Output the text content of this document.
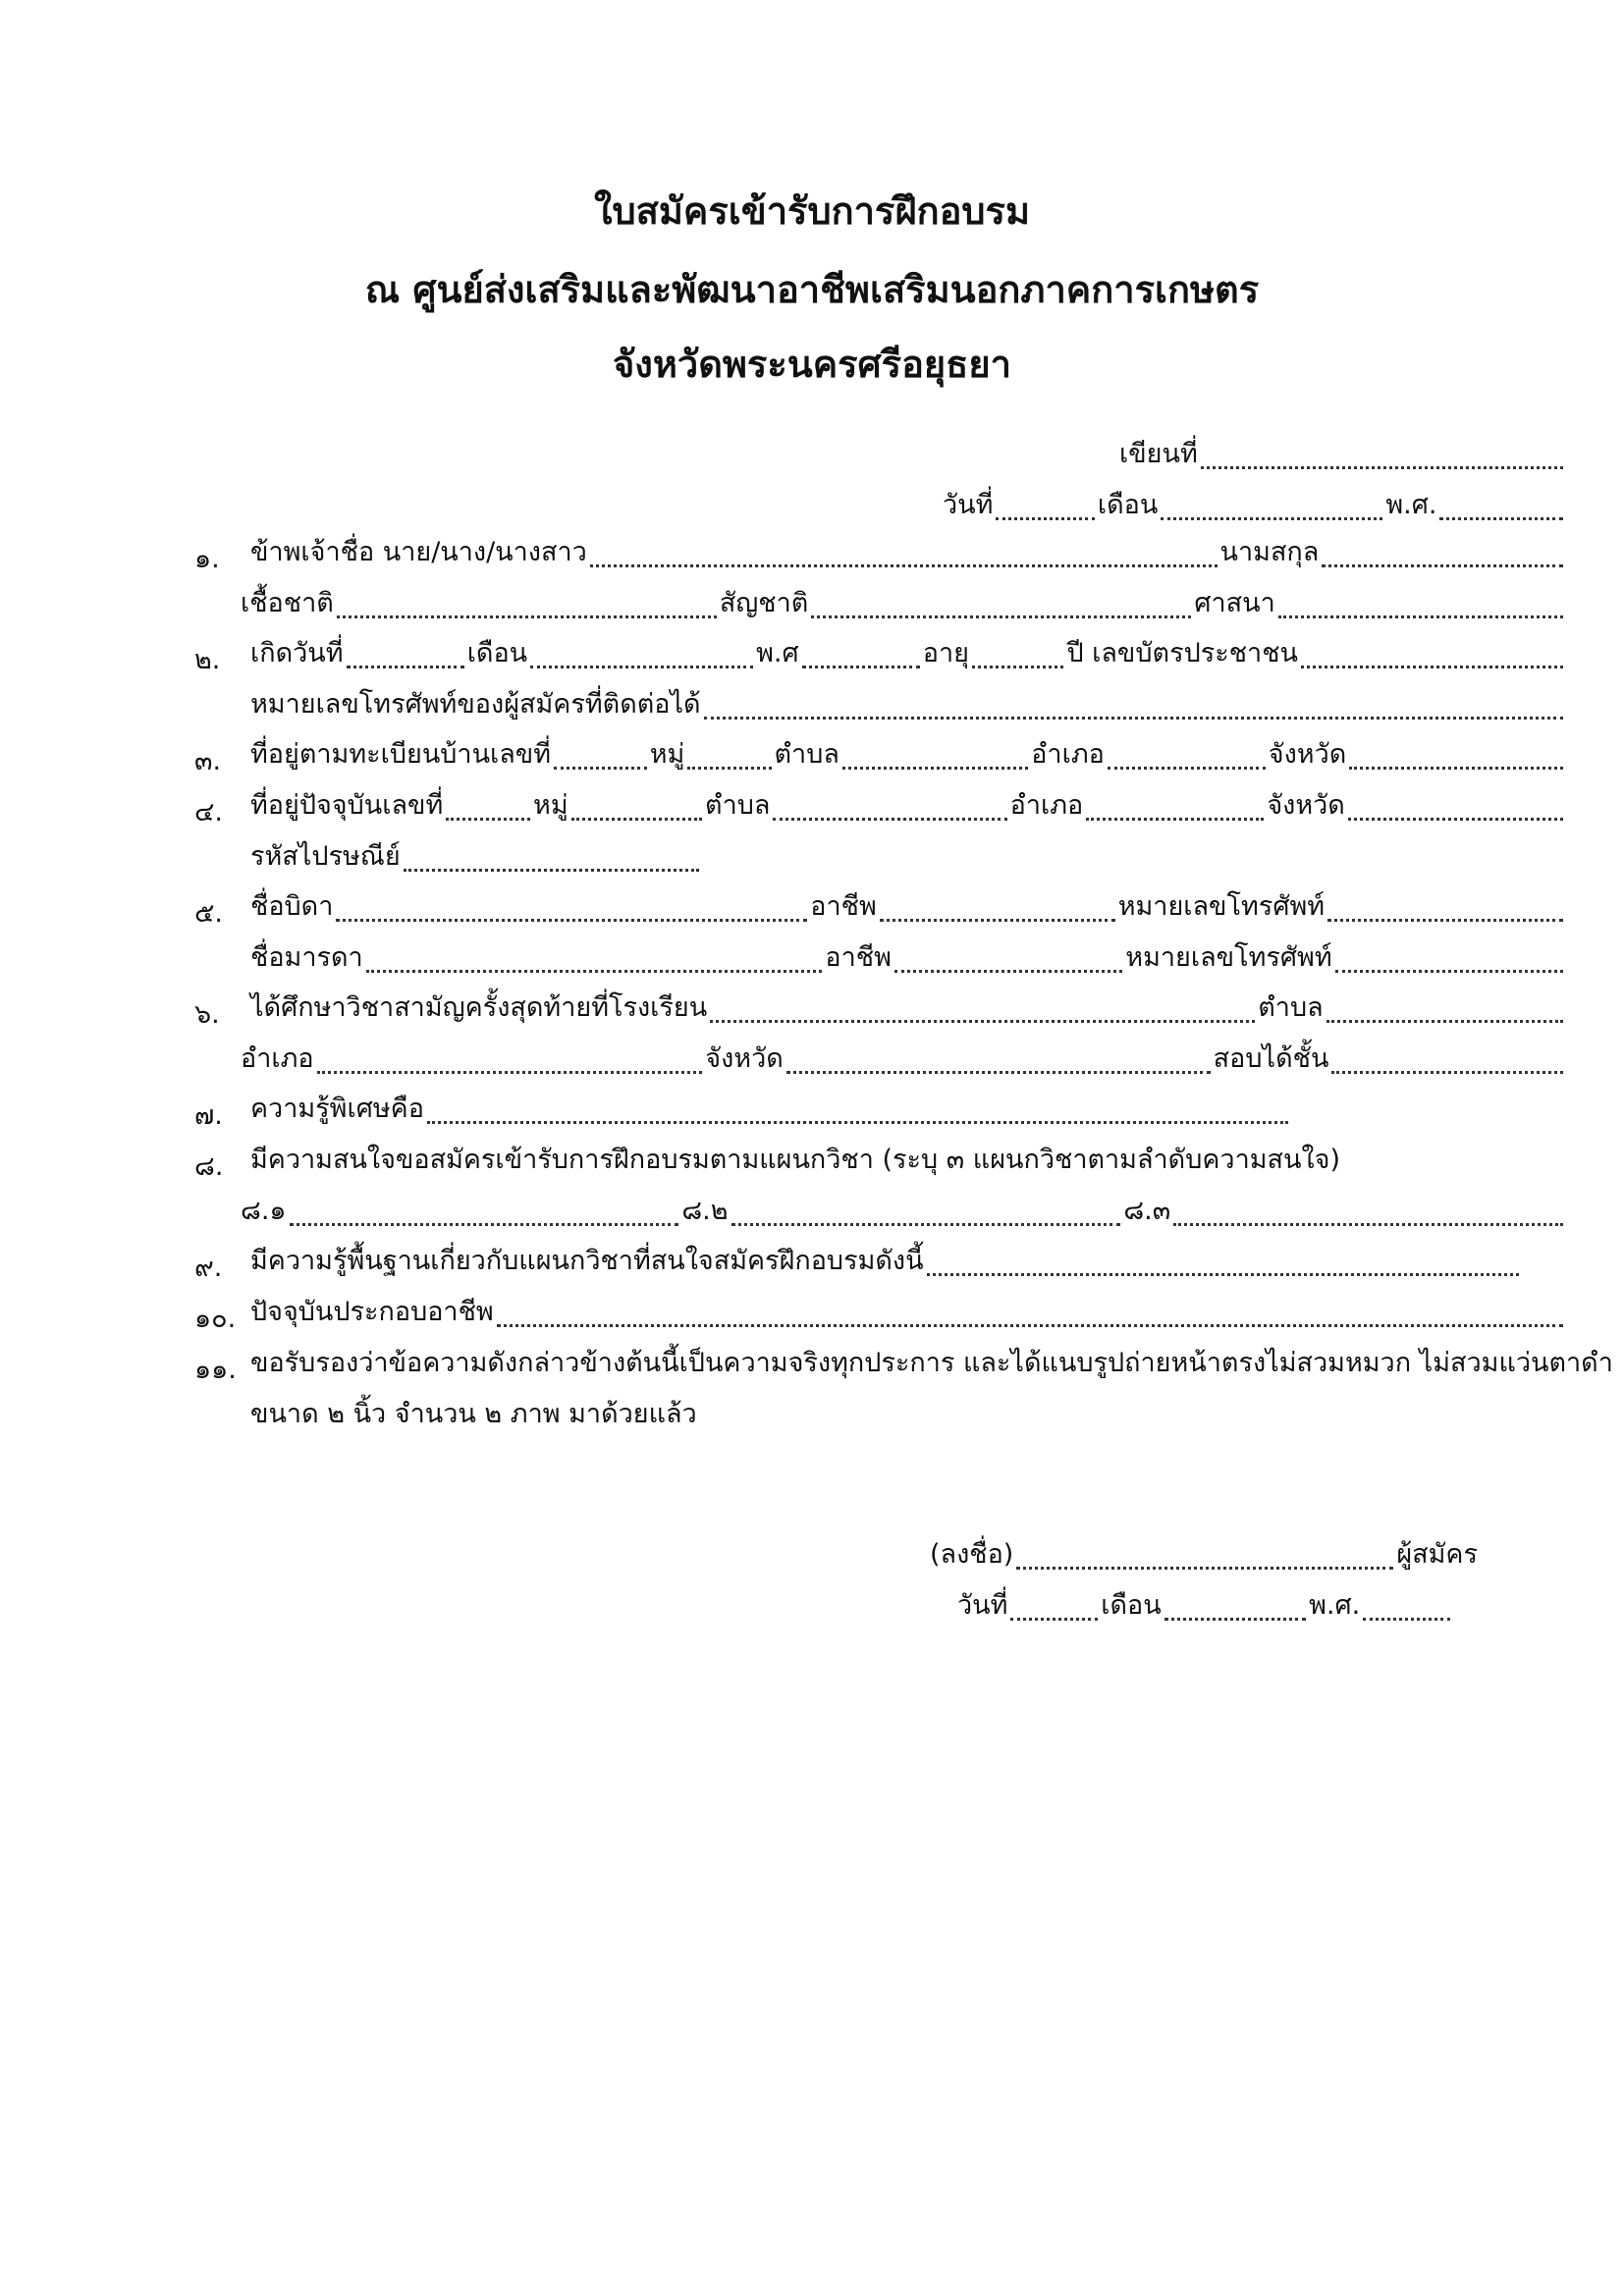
ใบสมัครเข้ารับการฝึกอบรม
ณ ศูนย์ส่งเสริมและพัฒนาอาชีพเสริมนอกภาคการเกษตร
จังหวัดพระนครศรีอยุธยา
เขียนที่
วันที่	เดือน	พ.ศ.
๑. ข้าพเจ้าชื่อ นาย/นาง/นางสาว	นามสกุล
เชื้อชาติ	สัญชาติ	ศาสนา
๒. เกิดวันที่	เดือน	พ.ศ	อายุ	ปี เลขบัตรประชาชน
หมายเลขโทรศัพท์ของผู้สมัครที่ติดต่อได้
๓. ที่อยู่ตามทะเบียนบ้านเลขที่	หมู่	ตำบล	อำเภอ	จังหวัด
๔. ที่อยู่ปัจจุบันเลขที่	หมู่	ตำบล	อำเภอ	จังหวัด
รหัสไปรษณีย์
๕. ชื่อบิดา	อาชีพ	หมายเลขโทรศัพท์
ชื่อมารดา	อาชีพ	หมายเลขโทรศัพท์
๖. ได้ศึกษาวิชาสามัญครั้งสุดท้ายที่โรงเรียน	ตำบล
อำเภอ	จังหวัด	สอบได้ชั้น
๗. ความรู้พิเศษคือ
๘. มีความสนใจขอสมัครเข้ารับการฝึกอบรมตามแผนกวิชา (ระบุ ๓ แผนกวิชาตามลำดับความสนใจ)
๘.๑	๘.๒	๘.๓
๙. มีความรู้พื้นฐานเกี่ยวกับแผนกวิชาที่สนใจสมัครฝึกอบรมดังนี้
๑๐. ปัจจุบันประกอบอาชีพ
๑๑. ขอรับรองว่าข้อความดังกล่าวข้างต้นนี้เป็นความจริงทุกประการ และได้แนบรูปถ่ายหน้าตรงไม่สวมหมวก ไม่สวมแว่นตาดำ
ขนาด ๒ นิ้ว จำนวน ๒ ภาพ มาด้วยแล้ว
(ลงชื่อ)	ผู้สมัคร
วันที่	เดือน	พ.ศ.
